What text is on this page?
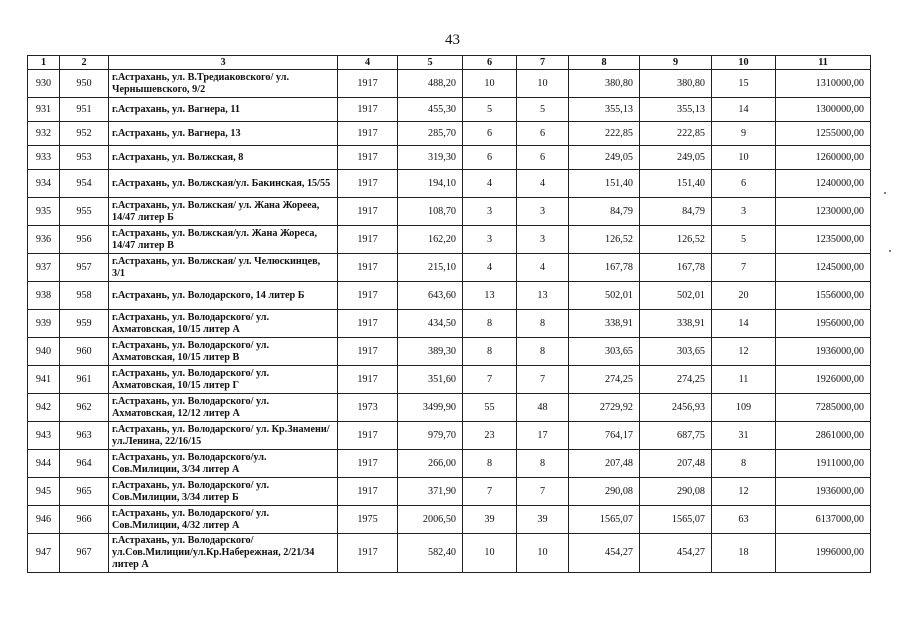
43
1	2	3	4	5	6	7	8	9	10	11
930	950	г.Астрахань, ул. В.Тредиаковского/ ул. Чернышевского, 9/2	1917	488,20	10	10	380,80	380,80	15	1310000,00
931	951	г.Астрахань, ул. Вагнера, 11	1917	455,30	5	5	355,13	355,13	14	1300000,00
932	952	г.Астрахань, ул. Вагнера, 13	1917	285,70	6	6	222,85	222,85	9	1255000,00
933	953	г.Астрахань, ул. Волжская, 8	1917	319,30	6	6	249,05	249,05	10	1260000,00
934	954	г.Астрахань, ул. Волжская/ул. Бакинская, 15/55	1917	194,10	4	4	151,40	151,40	6	1240000,00
935	955	г.Астрахань, ул. Волжская/ ул. Жана Жорееа, 14/47 литер Б	1917	108,70	3	3	84,79	84,79	3	1230000,00
936	956	г.Астрахань, ул. Волжская/ул. Жана Жореса, 14/47 литер В	1917	162,20	3	3	126,52	126,52	5	1235000,00
937	957	г.Астрахань, ул. Волжская/ ул. Челюскинцев, 3/1	1917	215,10	4	4	167,78	167,78	7	1245000,00
938	958	г.Астрахань, ул. Володарского, 14 литер Б	1917	643,60	13	13	502,01	502,01	20	1556000,00
939	959	г.Астрахань, ул. Володарского/ ул. Ахматовская, 10/15 литер А	1917	434,50	8	8	338,91	338,91	14	1956000,00
940	960	г.Астрахань, ул. Володарского/ ул. Ахматовская, 10/15 литер В	1917	389,30	8	8	303,65	303,65	12	1936000,00
941	961	г.Астрахань, ул. Володарского/ ул. Ахматовская, 10/15 литер Г	1917	351,60	7	7	274,25	274,25	11	1926000,00
942	962	г.Астрахань, ул. Володарского/ ул. Ахматовская, 12/12 литер А	1973	3499,90	55	48	2729,92	2456,93	109	7285000,00
943	963	г.Астрахань, ул. Володарского/ ул. Кр.Знамени/ ул.Ленина, 22/16/15	1917	979,70	23	17	764,17	687,75	31	2861000,00
944	964	г.Астрахань, ул. Володарского/ул. Сов.Милиции, 3/34 литер А	1917	266,00	8	8	207,48	207,48	8	1911000,00
945	965	г.Астрахань, ул. Володарского/ ул. Сов.Милиции, 3/34 литер Б	1917	371,90	7	7	290,08	290,08	12	1936000,00
946	966	г.Астрахань, ул. Володарского/ ул. Сов.Милиции, 4/32 литер А	1975	2006,50	39	39	1565,07	1565,07	63	6137000,00
947	967	г.Астрахань, ул. Володарского/ ул.Сов.Милиции/ул.Кр.Набережная, 2/21/34 литер А	1917	582,40	10	10	454,27	454,27	18	1996000,00
